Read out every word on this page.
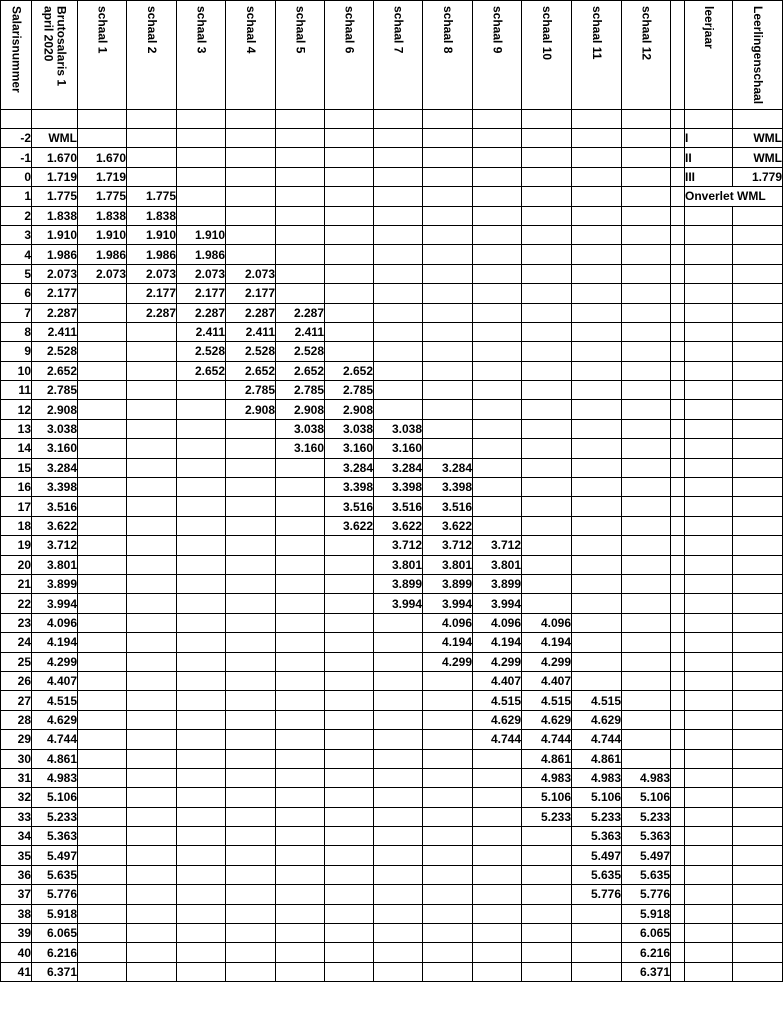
Salarisnummer	Brutosalaris 1 april 2020	schaal 1	schaal 2	schaal 3	schaal 4	schaal 5	schaal 6	schaal 7	schaal 8	schaal 9	schaal 10	schaal 11	schaal 12		leerjaar	Leerlingenschaal

-2	WML														I	WML
-1	1.670	1.670													II	WML
0	1.719	1.719													III	1.779
1	1.775	1.775	1.775												Onverlet WML	
2	1.838	1.838	1.838													
3	1.910	1.910	1.910	1.910												
4	1.986	1.986	1.986	1.986												
5	2.073	2.073	2.073	2.073	2.073											
6	2.177		2.177	2.177	2.177											
7	2.287		2.287	2.287	2.287	2.287										
8	2.411			2.411	2.411	2.411										
9	2.528			2.528	2.528	2.528										
10	2.652			2.652	2.652	2.652	2.652									
11	2.785				2.785	2.785	2.785									
12	2.908				2.908	2.908	2.908									
13	3.038					3.038	3.038	3.038								
14	3.160					3.160	3.160	3.160								
15	3.284						3.284	3.284	3.284							
16	3.398						3.398	3.398	3.398							
17	3.516						3.516	3.516	3.516							
18	3.622						3.622	3.622	3.622							
19	3.712							3.712	3.712	3.712						
20	3.801							3.801	3.801	3.801						
21	3.899							3.899	3.899	3.899						
22	3.994							3.994	3.994	3.994						
23	4.096								4.096	4.096	4.096					
24	4.194								4.194	4.194	4.194					
25	4.299								4.299	4.299	4.299					
26	4.407									4.407	4.407					
27	4.515									4.515	4.515	4.515				
28	4.629									4.629	4.629	4.629				
29	4.744									4.744	4.744	4.744				
30	4.861										4.861	4.861				
31	4.983										4.983	4.983	4.983			
32	5.106										5.106	5.106	5.106			
33	5.233										5.233	5.233	5.233			
34	5.363											5.363	5.363			
35	5.497											5.497	5.497			
36	5.635											5.635	5.635			
37	5.776											5.776	5.776			
38	5.918												5.918			
39	6.065												6.065			
40	6.216												6.216			
41	6.371												6.371			
